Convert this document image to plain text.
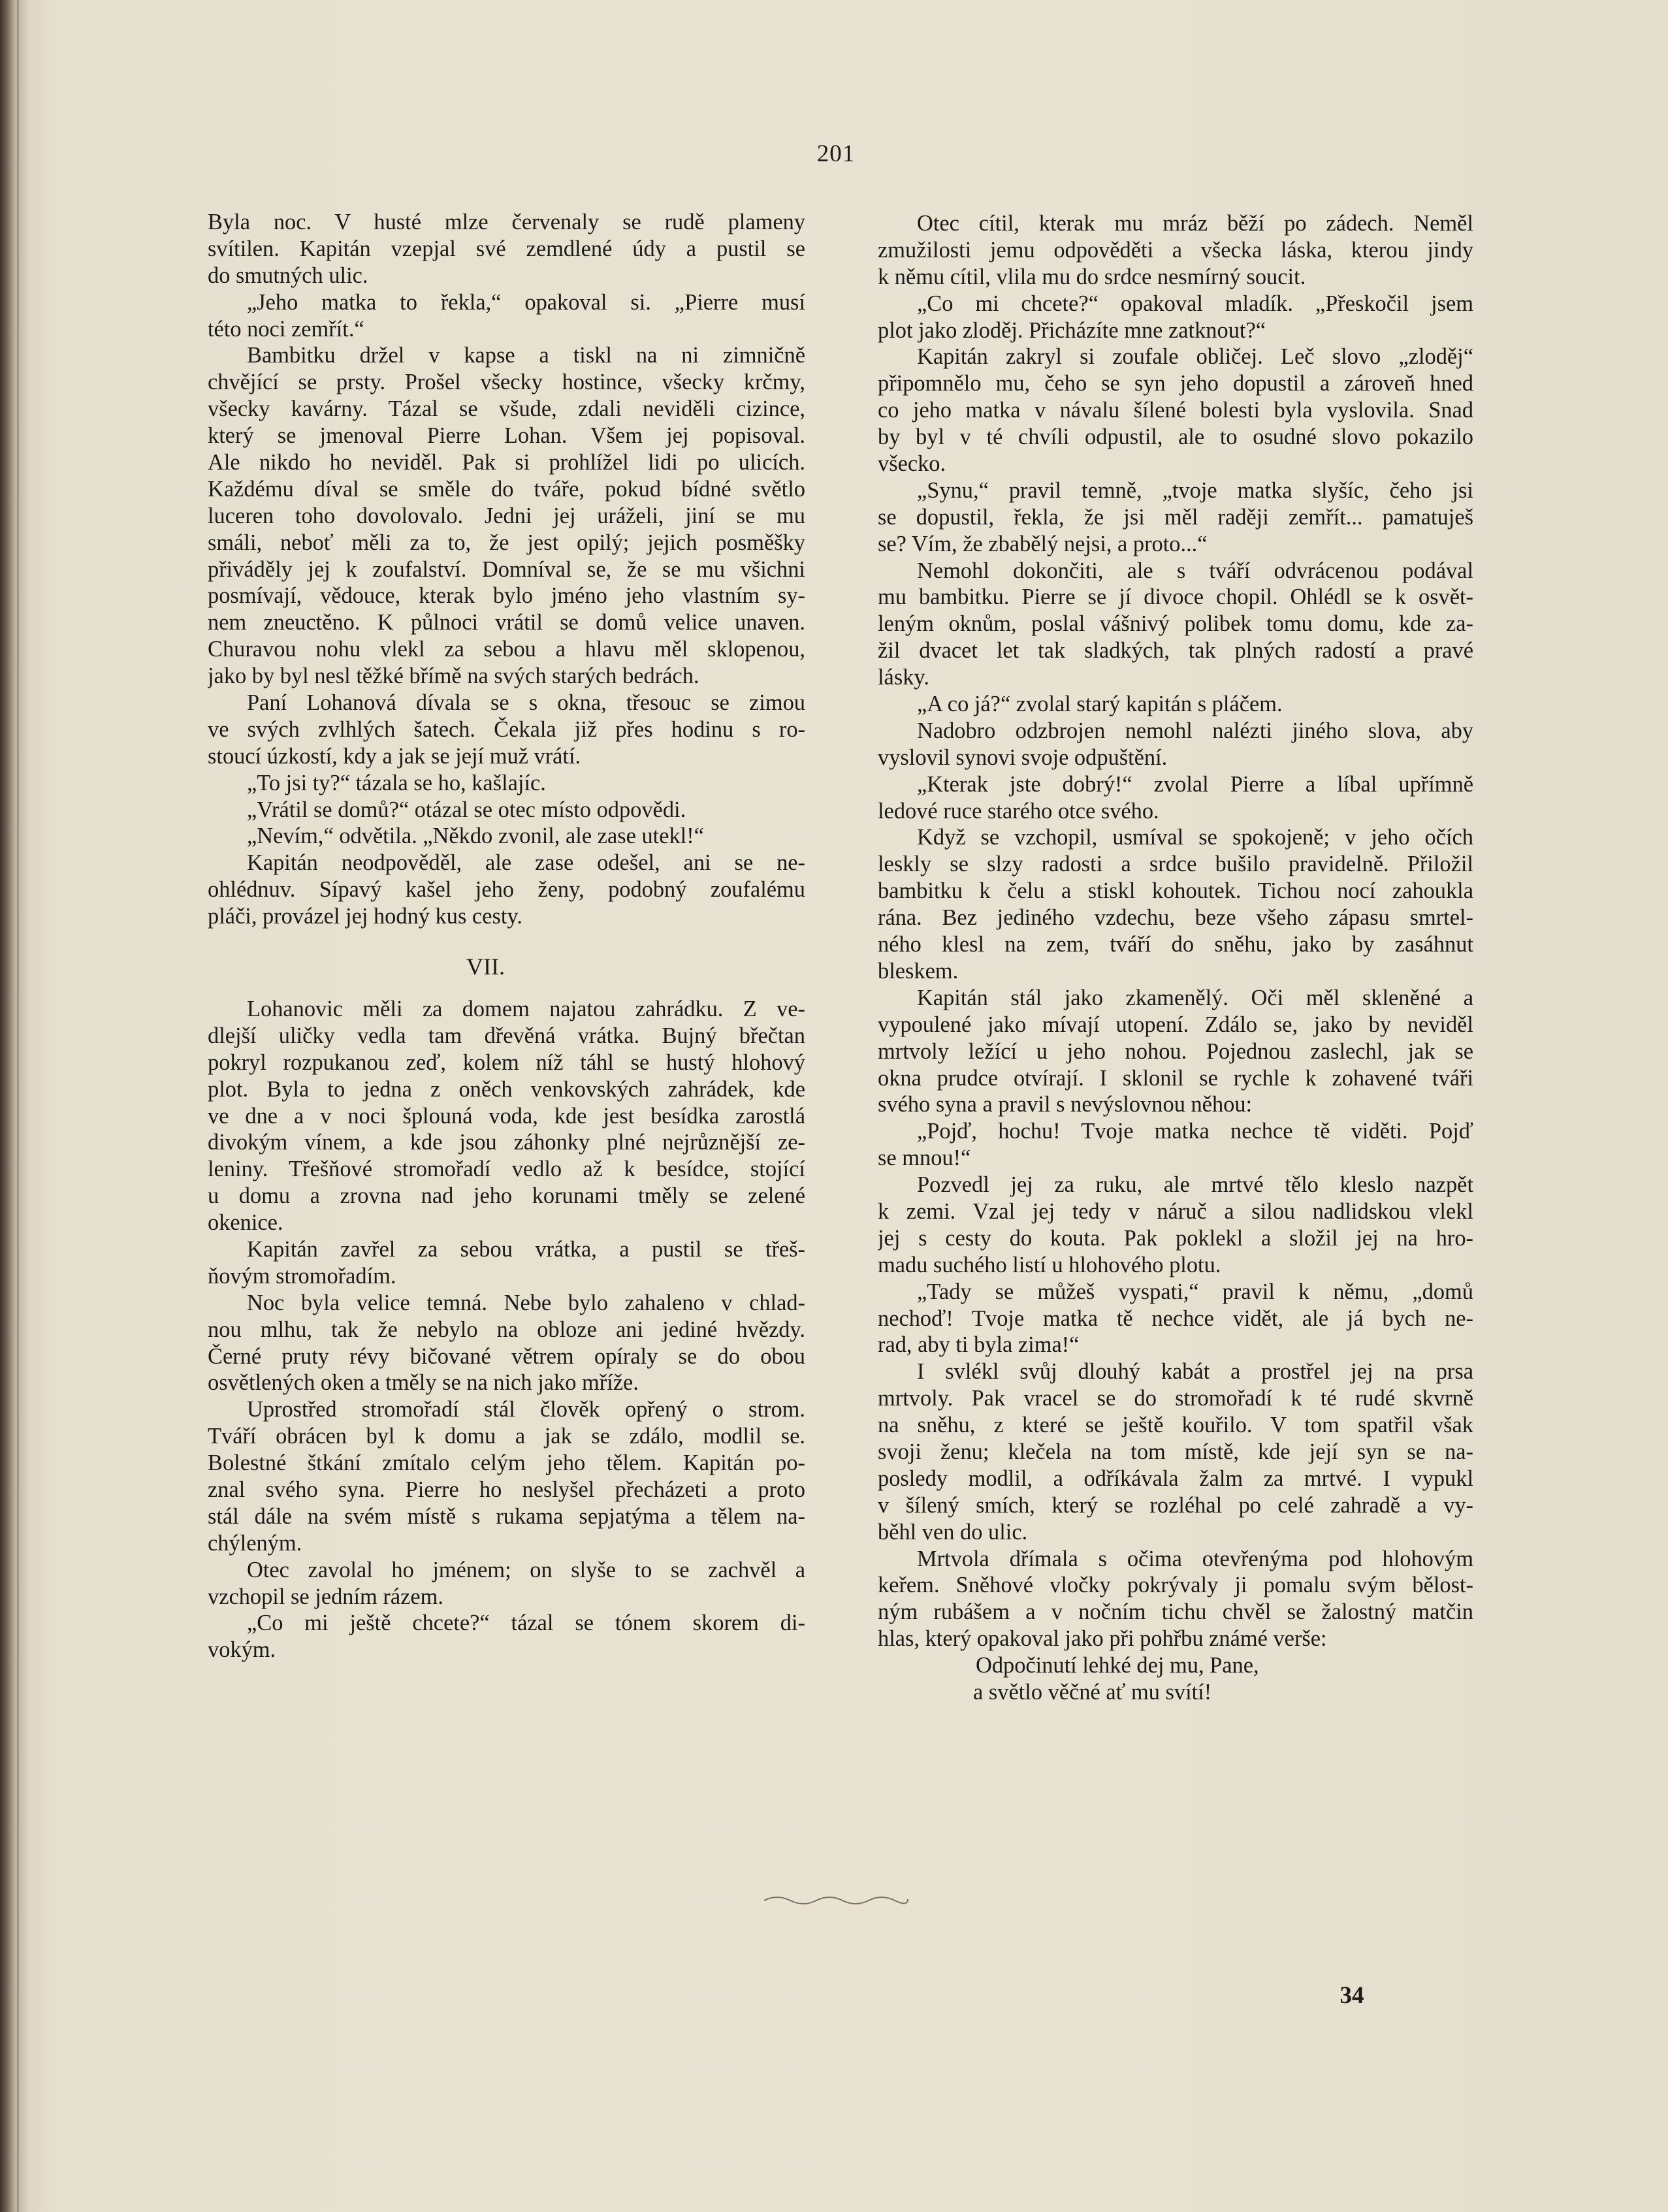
201
Byla noc. V husté mlze červenaly se rudě plameny
svítilen. Kapitán vzepjal své zemdlené údy a pustil se
do smutných ulic.
„Jeho matka to řekla,“ opakoval si. „Pierre musí
této noci zemřít.“
Bambitku držel v kapse a tiskl na ni zimničně
chvějící se prsty. Prošel všecky hostince, všecky krčmy,
všecky kavárny. Tázal se všude, zdali neviděli cizince,
který se jmenoval Pierre Lohan. Všem jej popisoval.
Ale nikdo ho neviděl. Pak si prohlížel lidi po ulicích.
Každému díval se směle do tváře, pokud bídné světlo
luceren toho dovolovalo. Jedni jej uráželi, jiní se mu
smáli, neboť měli za to, že jest opilý; jejich posměšky
přiváděly jej k zoufalství. Domníval se, že se mu všichni
posmívají, vědouce, kterak bylo jméno jeho vlastním sy-
nem zneuctěno. K půlnoci vrátil se domů velice unaven.
Churavou nohu vlekl za sebou a hlavu měl sklopenou,
jako by byl nesl těžké břímě na svých starých bedrách.
Paní Lohanová dívala se s okna, třesouc se zimou
ve svých zvlhlých šatech. Čekala již přes hodinu s ro-
stoucí úzkostí, kdy a jak se její muž vrátí.
„To jsi ty?“ tázala se ho, kašlajíc.
„Vrátil se domů?“ otázal se otec místo odpovědi.
„Nevím,“ odvětila. „Někdo zvonil, ale zase utekl!“
Kapitán neodpověděl, ale zase odešel, ani se ne-
ohlédnuv. Sípavý kašel jeho ženy, podobný zoufalému
pláči, provázel jej hodný kus cesty.
VII.
Lohanovic měli za domem najatou zahrádku. Z ve-
dlejší uličky vedla tam dřevěná vrátka. Bujný břečtan
pokryl rozpukanou zeď, kolem níž táhl se hustý hlohový
plot. Byla to jedna z oněch venkovských zahrádek, kde
ve dne a v noci šplouná voda, kde jest besídka zarostlá
divokým vínem, a kde jsou záhonky plné nejrůznější ze-
leniny. Třešňové stromořadí vedlo až k besídce, stojící
u domu a zrovna nad jeho korunami tměly se zelené
okenice.
Kapitán zavřel za sebou vrátka, a pustil se třeš-
ňovým stromořadím.
Noc byla velice temná. Nebe bylo zahaleno v chlad-
nou mlhu, tak že nebylo na obloze ani jediné hvězdy.
Černé pruty révy bičované větrem opíraly se do obou
osvětlených oken a tměly se na nich jako mříže.
Uprostřed stromořadí stál člověk opřený o strom.
Tváří obrácen byl k domu a jak se zdálo, modlil se.
Bolestné štkání zmítalo celým jeho tělem. Kapitán po-
znal svého syna. Pierre ho neslyšel přecházeti a proto
stál dále na svém místě s rukama sepjatýma a tělem na-
chýleným.
Otec zavolal ho jménem; on slyše to se zachvěl a
vzchopil se jedním rázem.
„Co mi ještě chcete?“ tázal se tónem skorem di-
vokým.
Otec cítil, kterak mu mráz běží po zádech. Neměl
zmužilosti jemu odpověděti a všecka láska, kterou jindy
k němu cítil, vlila mu do srdce nesmírný soucit.
„Co mi chcete?“ opakoval mladík. „Přeskočil jsem
plot jako zloděj. Přicházíte mne zatknout?“
Kapitán zakryl si zoufale obličej. Leč slovo „zloděj“
připomnělo mu, čeho se syn jeho dopustil a zároveň hned
co jeho matka v návalu šílené bolesti byla vyslovila. Snad
by byl v té chvíli odpustil, ale to osudné slovo pokazilo
všecko.
„Synu,“ pravil temně, „tvoje matka slyšíc, čeho jsi
se dopustil, řekla, že jsi měl raději zemřít... pamatuješ
se? Vím, že zbabělý nejsi, a proto...“
Nemohl dokončiti, ale s tváří odvrácenou podával
mu bambitku. Pierre se jí divoce chopil. Ohlédl se k osvět-
leným oknům, poslal vášnivý polibek tomu domu, kde za-
žil dvacet let tak sladkých, tak plných radostí a pravé
lásky.
„A co já?“ zvolal starý kapitán s pláčem.
Nadobro odzbrojen nemohl nalézti jiného slova, aby
vyslovil synovi svoje odpuštění.
„Kterak jste dobrý!“ zvolal Pierre a líbal upřímně
ledové ruce starého otce svého.
Když se vzchopil, usmíval se spokojeně; v jeho očích
leskly se slzy radosti a srdce bušilo pravidelně. Přiložil
bambitku k čelu a stiskl kohoutek. Tichou nocí zahoukla
rána. Bez jediného vzdechu, beze všeho zápasu smrtel-
ného klesl na zem, tváří do sněhu, jako by zasáhnut
bleskem.
Kapitán stál jako zkamenělý. Oči měl skleněné a
vypoulené jako mívají utopení. Zdálo se, jako by neviděl
mrtvoly ležící u jeho nohou. Pojednou zaslechl, jak se
okna prudce otvírají. I sklonil se rychle k zohavené tváři
svého syna a pravil s nevýslovnou něhou:
„Pojď, hochu! Tvoje matka nechce tě viděti. Pojď
se mnou!“
Pozvedl jej za ruku, ale mrtvé tělo kleslo nazpět
k zemi. Vzal jej tedy v náruč a silou nadlidskou vlekl
jej s cesty do kouta. Pak poklekl a složil jej na hro-
madu suchého listí u hlohového plotu.
„Tady se můžeš vyspati,“ pravil k němu, „domů
nechoď! Tvoje matka tě nechce vidět, ale já bych ne-
rad, aby ti byla zima!“
I svlékl svůj dlouhý kabát a prostřel jej na prsa
mrtvoly. Pak vracel se do stromořadí k té rudé skvrně
na sněhu, z které se ještě kouřilo. V tom spatřil však
svoji ženu; klečela na tom místě, kde její syn se na-
posledy modlil, a odříkávala žalm za mrtvé. I vypukl
v šílený smích, který se rozléhal po celé zahradě a vy-
běhl ven do ulic.
Mrtvola dřímala s očima otevřenýma pod hlohovým
keřem. Sněhové vločky pokrývaly ji pomalu svým bělost-
ným rubášem a v nočním tichu chvěl se žalostný matčin
hlas, který opakoval jako při pohřbu známé verše:
Odpočinutí lehké dej mu, Pane,
a světlo věčné ať mu svítí!
34
